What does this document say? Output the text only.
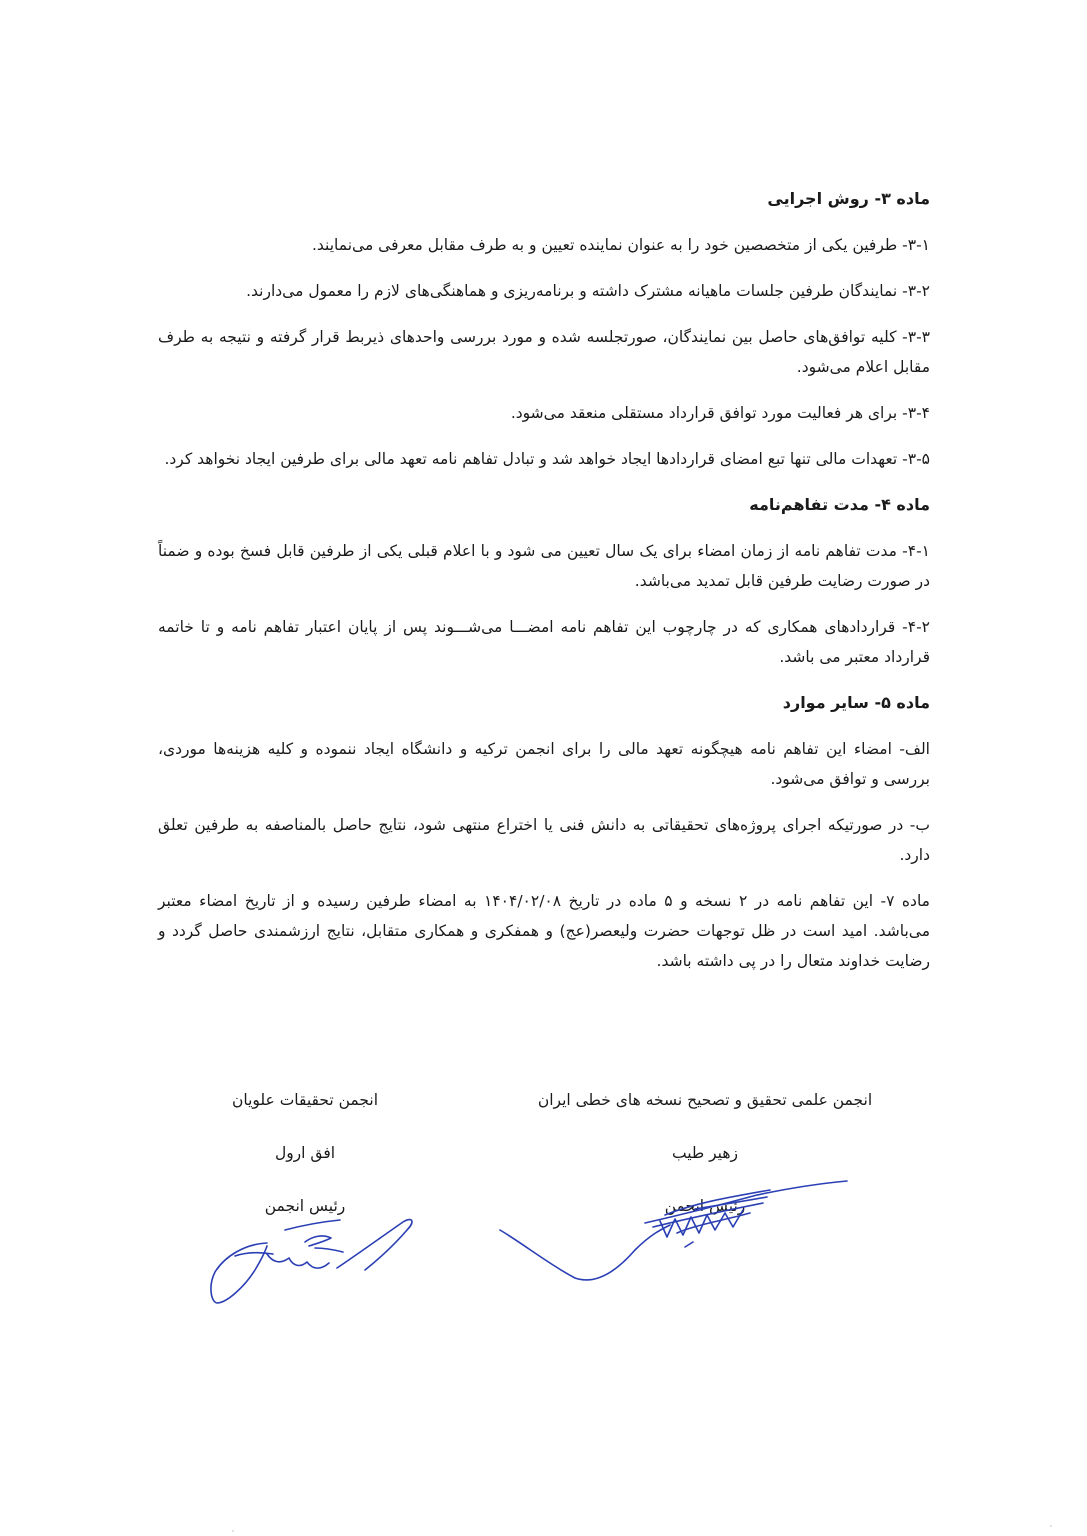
ماده ۳- روش اجرایی

۳-۱- طرفین یکی از متخصصین خود را به عنوان نماینده تعیین و به طرف مقابل معرفی می‌نمایند.

۳-۲- نمایندگان طرفین جلسات ماهیانه مشترک داشته و برنامه‌ریزی و هماهنگی‌های لازم را معمول می‌دارند.

۳-۳- کلیه توافق‌های حاصل بین نمایندگان، صورتجلسه شده و مورد بررسی واحدهای ذیربط قرار گرفته و نتیجه به طرف مقابل اعلام می‌شود.

۳-۴- برای هر فعالیت مورد توافق قرارداد مستقلی منعقد می‌شود.

۳-۵- تعهدات مالی تنها تبع امضای قراردادها ایجاد خواهد شد و تبادل تفاهم نامه تعهد مالی برای طرفین ایجاد نخواهد کرد.

ماده ۴- مدت تفاهم‌نامه

۴-۱- مدت تفاهم نامه از زمان امضاء برای یک سال تعیین می شود و با اعلام قبلی یکی از طرفین قابل فسخ بوده و ضمناً در صورت رضایت طرفین قابل تمدید می‌باشد.

۴-۲- قراردادهای همکاری که در چارچوب این تفاهم نامه امضـــا می‌شـــوند پس از پایان اعتبار تفاهم نامه و تا خاتمه قرارداد معتبر می باشد.

ماده ۵- سایر موارد

الف- امضاء این تفاهم نامه هیچگونه تعهد مالی را برای انجمن ترکیه و دانشگاه ایجاد ننموده و کلیه هزینه‌ها موردی، بررسی و توافق می‌شود.

ب- در صورتیکه اجرای پروژه‌های تحقیقاتی به دانش فنی یا اختراع منتهی شود، نتایج حاصل بالمناصفه به طرفین تعلق دارد.

ماده ۷- این تفاهم نامه در ۲ نسخه و ۵ ماده در تاریخ ۱۴۰۴/۰۲/۰۸ به امضاء طرفین رسیده و از تاریخ امضاء معتبر می‌باشد. امید است در ظل توجهات حضرت ولیعصر(عج) و همفکری و همکاری متقابل، نتایج ارزشمندی حاصل گردد و رضایت خداوند متعال را در پی داشته باشد.

انجمن علمی تحقیق و تصحیح نسخه های خطی ایران
زهیر طیب
رئیس انجمن
انجمن تحقیقات علویان
افق ارول
رئیس انجمن
